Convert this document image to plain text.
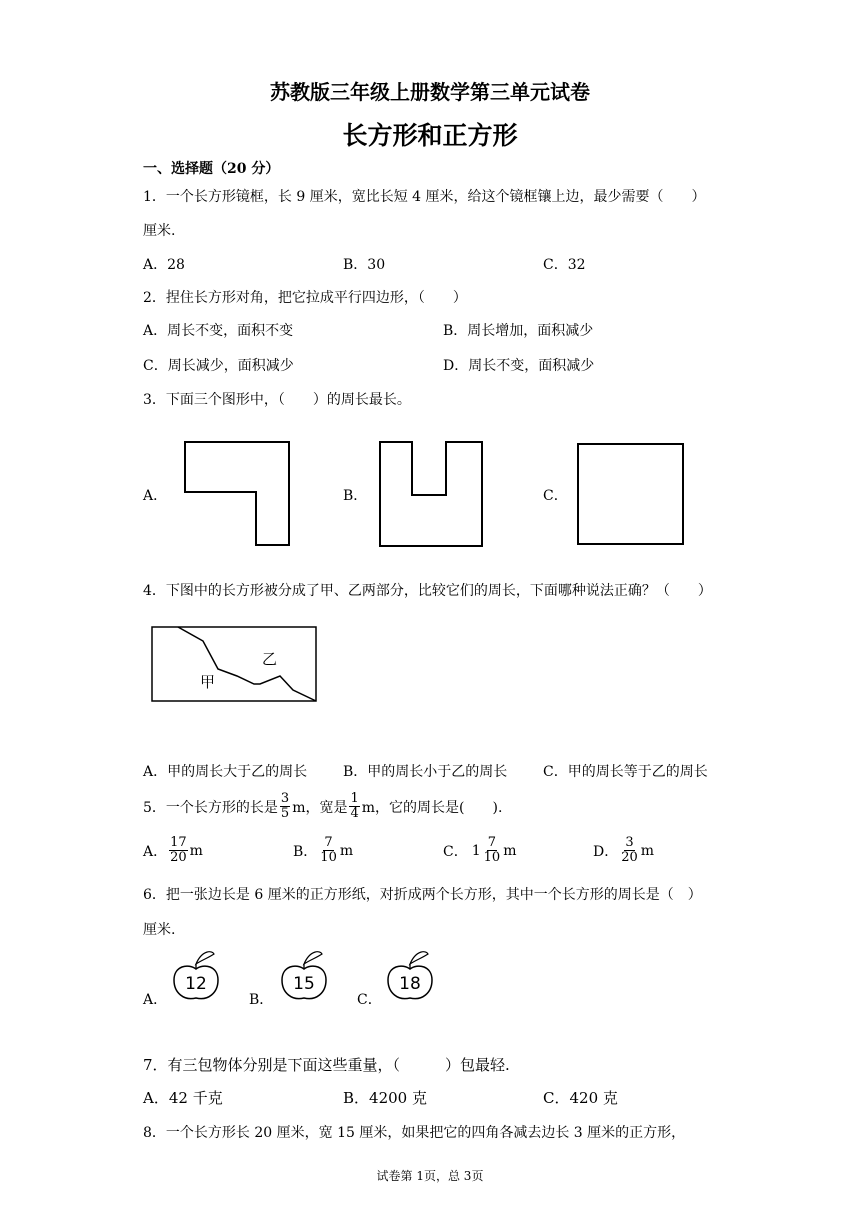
苏教版三年级上册数学第三单元试卷
长方形和正方形
一、选择题（20 分）
1．一个长方形镜框，长 9 厘米，宽比长短 4 厘米，给这个镜框镶上边，最少需要（　　）
厘米.
A．28	B．30	C．32
2．捏住长方形对角，把它拉成平行四边形，（　　）
A．周长不变，面积不变	B．周长增加，面积减少
C．周长减少，面积减少	D．周长不变，面积减少
3．下面三个图形中，（　　）的周长最长。
A．	B．	C．
4．下图中的长方形被分成了甲、乙两部分，比较它们的周长，下面哪种说法正确？（　　）
乙
甲
A．甲的周长大于乙的周长	B．甲的周长小于乙的周长	C．甲的周长等于乙的周长
5．一个长方形的长是 $\frac{3}{5}$ m，宽是 $\frac{1}{4}$ m，它的周长是(　　).
A． $\frac{17}{20}$ m	B． $\frac{7}{10}$ m	C． $1 \frac{7}{10}$ m	D． $\frac{3}{20}$ m
6．把一张边长是 6 厘米的正方形纸，对折成两个长方形，其中一个长方形的周长是（　）
厘米.
A．	B．	C．
12	15	18
7．有三包物体分别是下面这些重量，（　　　）包最轻.
A．42 千克	B．4200 克	C．420 克
8．一个长方形长 20 厘米，宽 15 厘米，如果把它的四角各减去边长 3 厘米的正方形，
试卷第 1页，总 3页
